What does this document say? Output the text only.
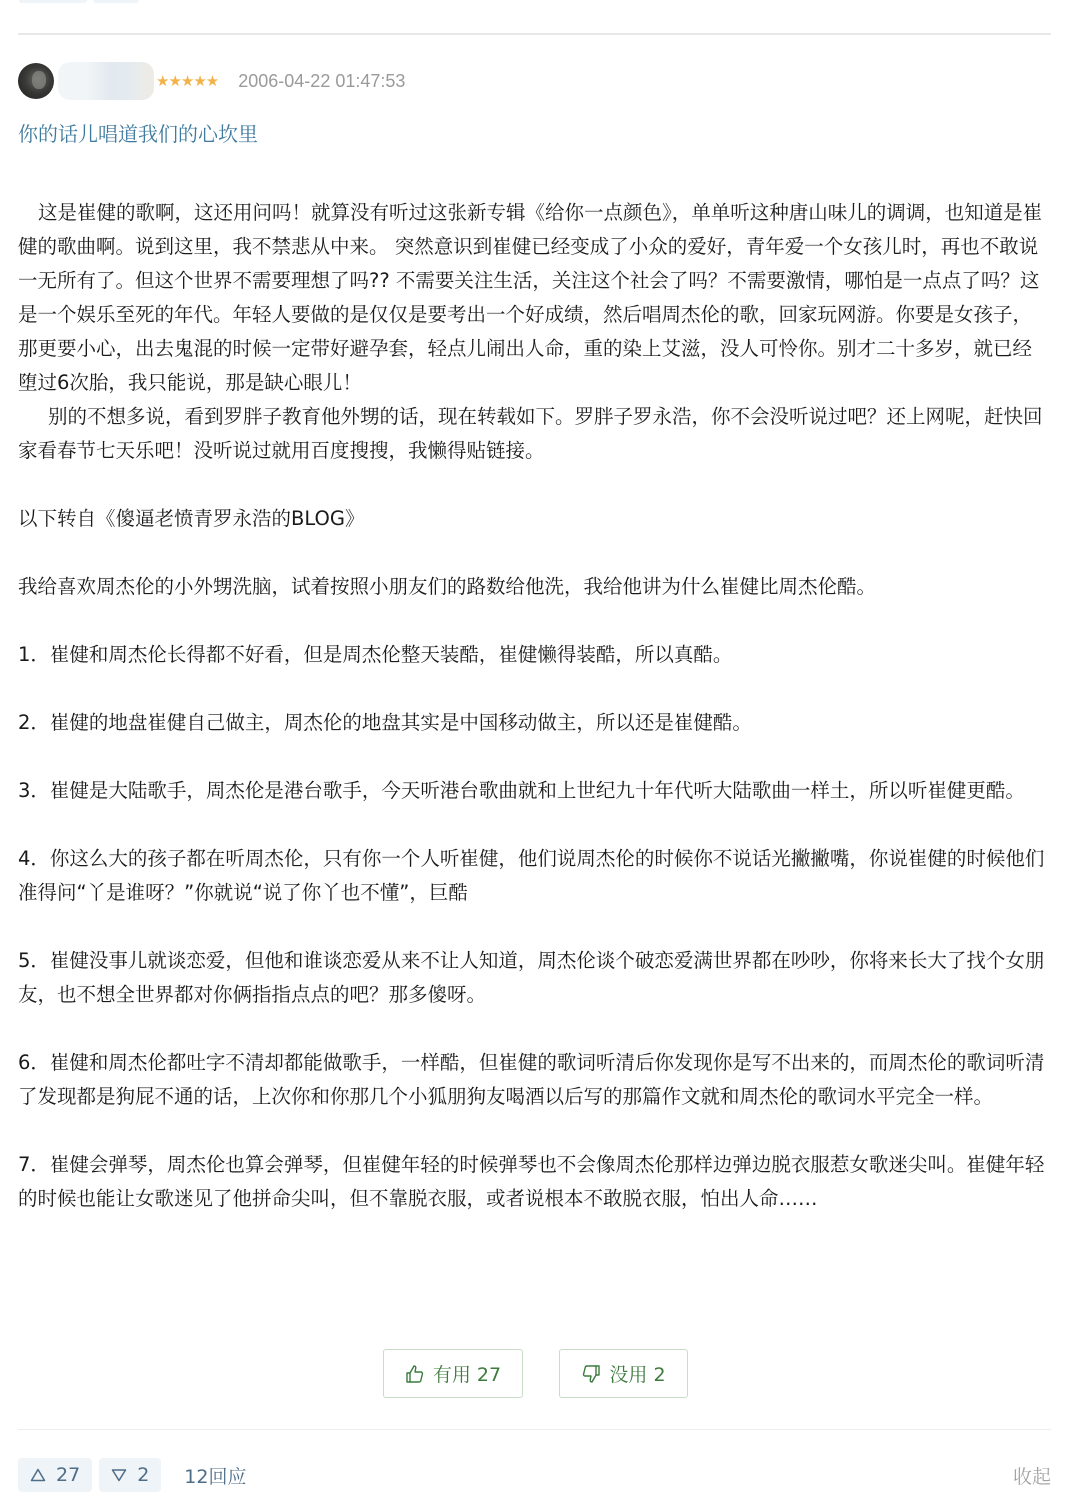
★★★★★ 2006-04-22 01:47:53
你的话儿唱道我们的心坎里

这是崔健的歌啊，这还用问吗！就算没有听过这张新专辑《给你一点颜色》，单单听这种唐山味儿的调调，也知道是崔健的歌曲啊。说到这里，我不禁悲从中来。 突然意识到崔健已经变成了小众的爱好，青年爱一个女孩儿时，再也不敢说一无所有了。但这个世界不需要理想了吗?? 不需要关注生活，关注这个社会了吗？不需要激情，哪怕是一点点了吗？这是一个娱乐至死的年代。年轻人要做的是仅仅是要考出一个好成绩，然后唱周杰伦的歌，回家玩网游。你要是女孩子，那更要小心，出去鬼混的时候一定带好避孕套，轻点儿闹出人命，重的染上艾滋，没人可怜你。别才二十多岁，就已经堕过6次胎，我只能说，那是缺心眼儿！

别的不想多说，看到罗胖子教育他外甥的话，现在转载如下。罗胖子罗永浩，你不会没听说过吧？还上网呢，赶快回家看春节七天乐吧！没听说过就用百度搜搜，我懒得贴链接。

以下转自《傻逼老愤青罗永浩的BLOG》

我给喜欢周杰伦的小外甥洗脑，试着按照小朋友们的路数给他洗，我给他讲为什么崔健比周杰伦酷。

1．崔健和周杰伦长得都不好看，但是周杰伦整天装酷，崔健懒得装酷，所以真酷。

2．崔健的地盘崔健自己做主，周杰伦的地盘其实是中国移动做主，所以还是崔健酷。

3．崔健是大陆歌手，周杰伦是港台歌手，今天听港台歌曲就和上世纪九十年代听大陆歌曲一样土，所以听崔健更酷。

4．你这么大的孩子都在听周杰伦，只有你一个人听崔健，他们说周杰伦的时候你不说话光撇撇嘴，你说崔健的时候他们准得问“丫是谁呀？”你就说“说了你丫也不懂”，巨酷

5．崔健没事儿就谈恋爱，但他和谁谈恋爱从来不让人知道，周杰伦谈个破恋爱满世界都在吵吵，你将来长大了找个女朋友，也不想全世界都对你俩指指点点的吧？那多傻呀。

6．崔健和周杰伦都吐字不清却都能做歌手，一样酷，但崔健的歌词听清后你发现你是写不出来的，而周杰伦的歌词听清了发现都是狗屁不通的话，上次你和你那几个小狐朋狗友喝酒以后写的那篇作文就和周杰伦的歌词水平完全一样。

7．崔健会弹琴，周杰伦也算会弹琴，但崔健年轻的时候弹琴也不会像周杰伦那样边弹边脱衣服惹女歌迷尖叫。崔健年轻的时候也能让女歌迷见了他拼命尖叫，但不靠脱衣服，或者说根本不敢脱衣服，怕出人命……

有用 27	没用 2
27	2 12回应	收起
